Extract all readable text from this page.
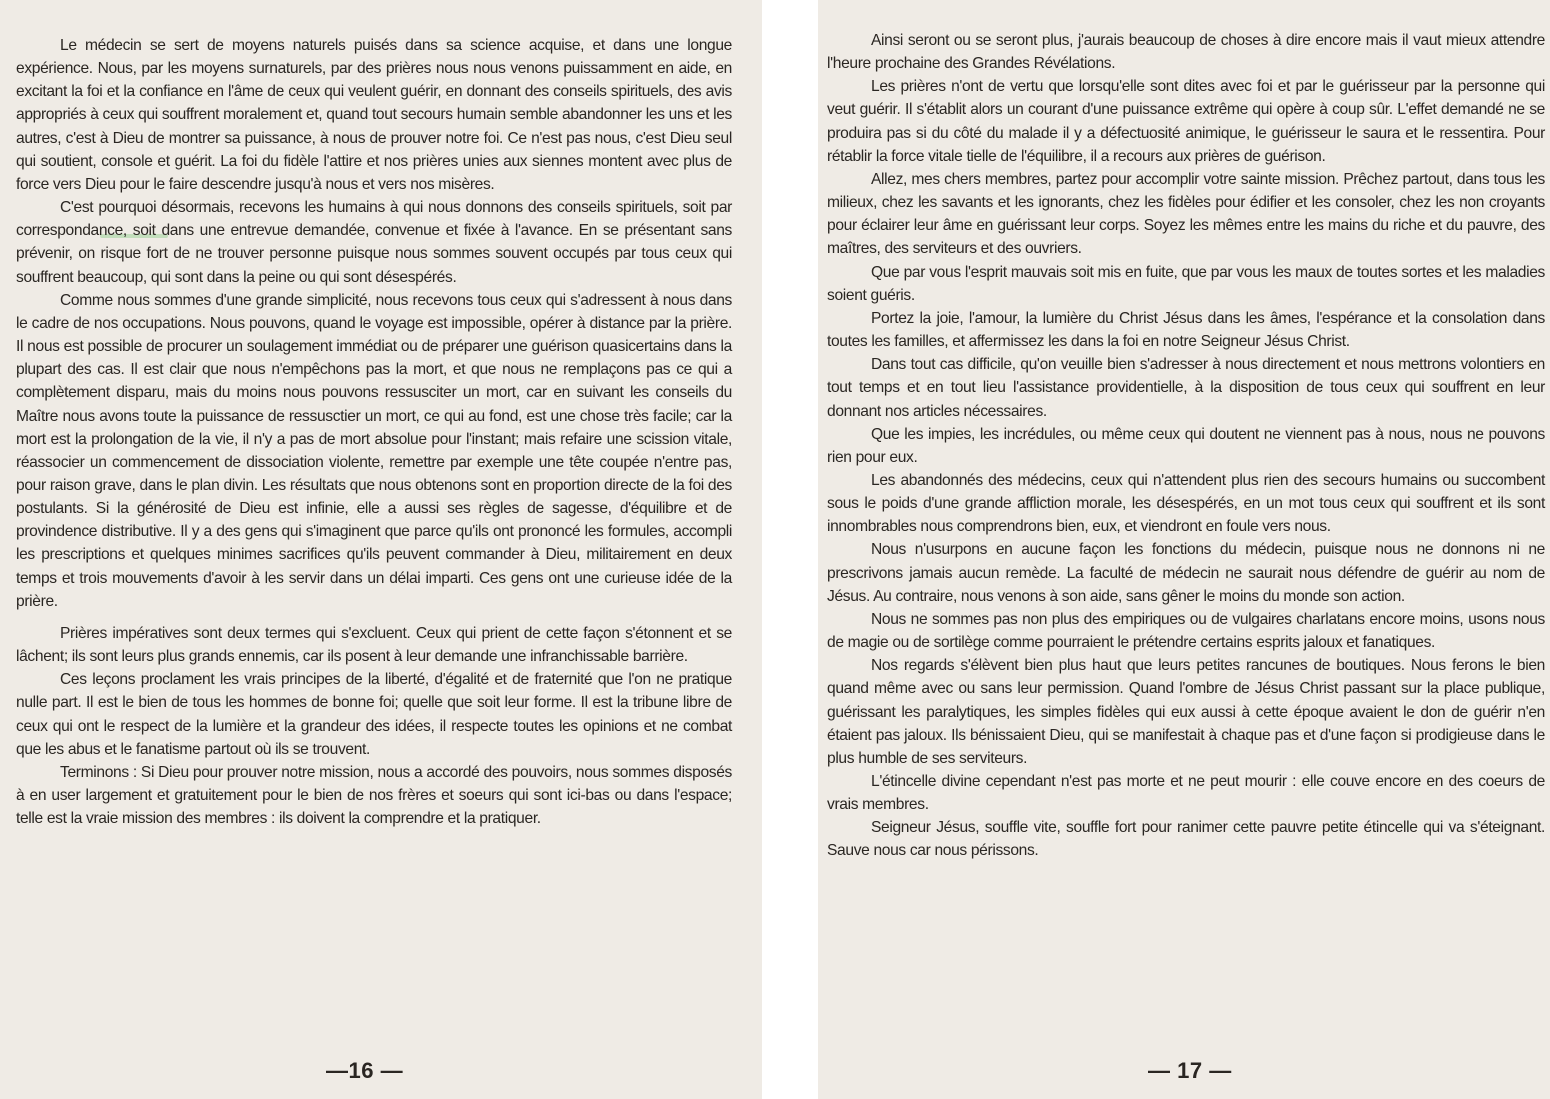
Le médecin se sert de moyens naturels puisés dans sa science acquise, et dans une longue expérience. Nous, par les moyens surnaturels, par des prières nous nous venons puissamment en aide, en excitant la foi et la confiance en l'âme de ceux qui veulent guérir, en donnant des conseils spirituels, des avis appropriés à ceux qui souffrent moralement et, quand tout secours humain semble abandonner les uns et les autres, c'est à Dieu de montrer sa puissance, à nous de prouver notre foi. Ce n'est pas nous, c'est Dieu seul qui soutient, console et guérit. La foi du fidèle l'attire et nos prières unies aux siennes montent avec plus de force vers Dieu pour le faire descendre jusqu'à nous et vers nos misères.

C'est pourquoi désormais, recevons les humains à qui nous donnons des conseils spirituels, soit par correspondance, soit dans une entrevue demandée, convenue et fixée à l'avance. En se présentant sans prévenir, on risque fort de ne trouver personne puisque nous sommes souvent occupés par tous ceux qui souffrent beaucoup, qui sont dans la peine ou qui sont désespérés.

Comme nous sommes d'une grande simplicité, nous recevons tous ceux qui s'adressent à nous dans le cadre de nos occupations. Nous pouvons, quand le voyage est impossible, opérer à distance par la prière. Il nous est possible de procurer un soulagement immédiat ou de préparer une guérison quasicertains dans la plupart des cas. Il est clair que nous n'empêchons pas la mort, et que nous ne remplaçons pas ce qui a complètement disparu, mais du moins nous pouvons ressusciter un mort, car en suivant les conseils du Maître nous avons toute la puissance de ressusctier un mort, ce qui au fond, est une chose très facile; car la mort est la prolongation de la vie, il n'y a pas de mort absolue pour l'instant; mais refaire une scission vitale, réassocier un commencement de dissociation violente, remettre par exemple une tête coupée n'entre pas, pour raison grave, dans le plan divin. Les résultats que nous obtenons sont en proportion directe de la foi des postulants. Si la générosité de Dieu est infinie, elle a aussi ses règles de sagesse, d'équilibre et de provindence distributive. Il y a des gens qui s'imaginent que parce qu'ils ont prononcé les formules, accompli les prescriptions et quelques minimes sacrifices qu'ils peuvent commander à Dieu, militairement en deux temps et trois mouvements d'avoir à les servir dans un délai imparti. Ces gens ont une curieuse idée de la prière.

Prières impératives sont deux termes qui s'excluent. Ceux qui prient de cette façon s'étonnent et se lâchent; ils sont leurs plus grands ennemis, car ils posent à leur demande une infranchissable barrière.

Ces leçons proclament les vrais principes de la liberté, d'égalité et de fraternité que l'on ne pratique nulle part. Il est le bien de tous les hommes de bonne foi; quelle que soit leur forme. Il est la tribune libre de ceux qui ont le respect de la lumière et la grandeur des idées, il respecte toutes les opinions et ne combat que les abus et le fanatisme partout où ils se trouvent.

Terminons : Si Dieu pour prouver notre mission, nous a accordé des pouvoirs, nous sommes disposés à en user largement et gratuitement pour le bien de nos frères et soeurs qui sont ici-bas ou dans l'espace; telle est la vraie mission des membres : ils doivent la comprendre et la pratiquer.

—16 —

Ainsi seront ou se seront plus, j'aurais beaucoup de choses à dire encore mais il vaut mieux attendre l'heure prochaine des Grandes Révélations.

Les prières n'ont de vertu que lorsqu'elle sont dites avec foi et par le guérisseur par la personne qui veut guérir. Il s'établit alors un courant d'une puissance extrême qui opère à coup sûr. L'effet demandé ne se produira pas si du côté du malade il y a défectuosité animique, le guérisseur le saura et le ressentira. Pour rétablir la force vitale tielle de l'équilibre, il a recours aux prières de guérison.

Allez, mes chers membres, partez pour accomplir votre sainte mission. Prêchez partout, dans tous les milieux, chez les savants et les ignorants, chez les fidèles pour édifier et les consoler, chez les non croyants pour éclairer leur âme en guérissant leur corps. Soyez les mêmes entre les mains du riche et du pauvre, des maîtres, des serviteurs et des ouvriers.

Que par vous l'esprit mauvais soit mis en fuite, que par vous les maux de toutes sortes et les maladies soient guéris.

Portez la joie, l'amour, la lumière du Christ Jésus dans les âmes, l'espérance et la consolation dans toutes les familles, et affermissez les dans la foi en notre Seigneur Jésus Christ.

Dans tout cas difficile, qu'on veuille bien s'adresser à nous directement et nous mettrons volontiers en tout temps et en tout lieu l'assistance providentielle, à la disposition de tous ceux qui souffrent en leur donnant nos articles nécessaires.

Que les impies, les incrédules, ou même ceux qui doutent ne viennent pas à nous, nous ne pouvons rien pour eux.

Les abandonnés des médecins, ceux qui n'attendent plus rien des secours humains ou succombent sous le poids d'une grande affliction morale, les désespérés, en un mot tous ceux qui souffrent et ils sont innombrables nous comprendrons bien, eux, et viendront en foule vers nous.

Nous n'usurpons en aucune façon les fonctions du médecin, puisque nous ne donnons ni ne prescrivons jamais aucun remède. La faculté de médecin ne saurait nous défendre de guérir au nom de Jésus. Au contraire, nous venons à son aide, sans gêner le moins du monde son action.

Nous ne sommes pas non plus des empiriques ou de vulgaires charlatans encore moins, usons nous de magie ou de sortilège comme pourraient le prétendre certains esprits jaloux et fanatiques.

Nos regards s'élèvent bien plus haut que leurs petites rancunes de boutiques. Nous ferons le bien quand même avec ou sans leur permission. Quand l'ombre de Jésus Christ passant sur la place publique, guérissant les paralytiques, les simples fidèles qui eux aussi à cette époque avaient le don de guérir n'en étaient pas jaloux. Ils bénissaient Dieu, qui se manifestait à chaque pas et d'une façon si prodigieuse dans le plus humble de ses serviteurs.

L'étincelle divine cependant n'est pas morte et ne peut mourir : elle couve encore en des coeurs de vrais membres.

Seigneur Jésus, souffle vite, souffle fort pour ranimer cette pauvre petite étincelle qui va s'éteignant. Sauve nous car nous périssons.

— 17 —
